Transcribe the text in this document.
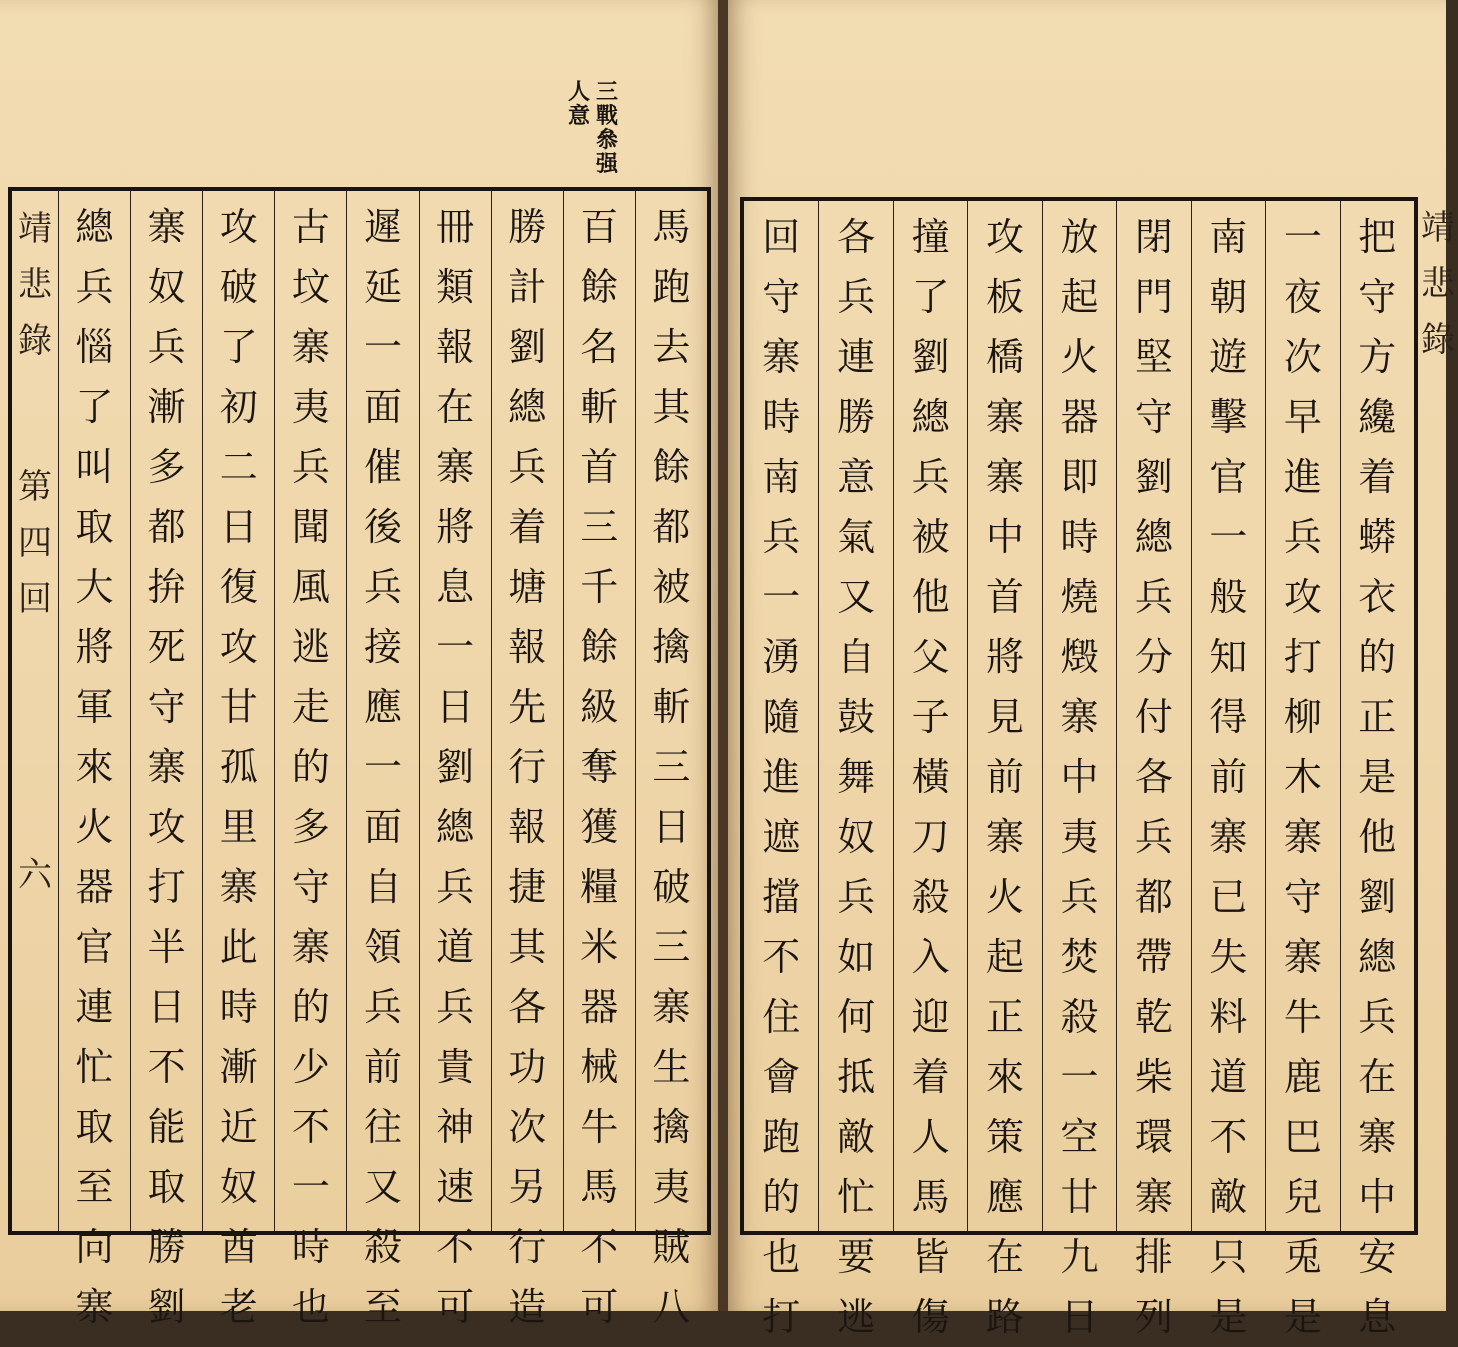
三
戰
叅
强
人
意
靖
悲
錄
第
四
回
六
馬
跑
去
其
餘
都
被
擒
斬
三
日
破
三
寨
生
擒
夷
賊
八
百
餘
名
斬
首
三
千
餘
級
奪
獲
糧
米
器
械
牛
馬
不
可
勝
計
劉
總
兵
着
塘
報
先
行
報
捷
其
各
功
次
另
行
造
冊
類
報
在
寨
將
息
一
日
劉
總
兵
道
兵
貴
神
速
不
可
遲
延
一
面
催
後
兵
接
應
一
面
自
領
兵
前
往
又
殺
至
古
坟
寨
夷
兵
聞
風
逃
走
的
多
守
寨
的
少
不
一
時
也
攻
破
了
初
二
日
復
攻
甘
孤
里
寨
此
時
漸
近
奴
酋
老
寨
奴
兵
漸
多
都
拚
死
守
寨
攻
打
半
日
不
能
取
勝
劉
總
兵
惱
了
叫
取
大
將
軍
來
火
器
官
連
忙
取
至
向
寨
把
守
方
纔
着
蟒
衣
的
正
是
他
劉
總
兵
在
寨
中
安
息
一
夜
次
早
進
兵
攻
打
柳
木
寨
守
寨
牛
鹿
巴
兒
兎
是
南
朝
遊
擊
官
一
般
知
得
前
寨
已
失
料
道
不
敵
只
是
閉
門
堅
守
劉
總
兵
分
付
各
兵
都
帶
乾
柴
環
寨
排
列
放
起
火
器
即
時
燒
燬
寨
中
夷
兵
焚
殺
一
空
廿
九
日
攻
板
橋
寨
寨
中
首
將
見
前
寨
火
起
正
來
策
應
在
路
撞
了
劉
總
兵
被
他
父
子
橫
刀
殺
入
迎
着
人
馬
皆
傷
各
兵
連
勝
意
氣
又
自
鼓
舞
奴
兵
如
何
抵
敵
忙
要
逃
回
守
寨
時
南
兵
一
湧
隨
進
遮
擋
不
住
會
跑
的
也
打
靖
悲
錄
